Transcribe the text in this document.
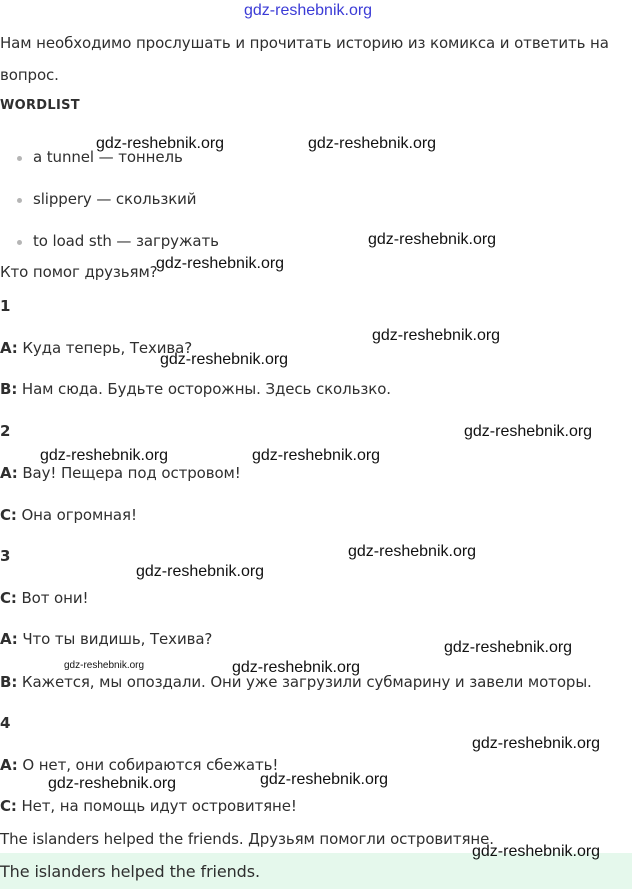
gdz-reshebnik.org
Нам необходимо прослушать и прочитать историю из комикса и ответить на
вопрос.
WORDLIST
a tunnel — тоннель
slippery — скользкий
to load sth — загружать
Кто помог друзьям?
1
A: Куда теперь, Техива?
B: Нам сюда. Будьте осторожны. Здесь скользко.
2
A: Вау! Пещера под островом!
C: Она огромная!
3
C: Вот они!
A: Что ты видишь, Техива?
B: Кажется, мы опоздали. Они уже загрузили субмарину и завели моторы.
4
A: О нет, они собираются сбежать!
C: Нет, на помощь идут островитяне!
The islanders helped the friends. Друзьям помогли островитяне.
The islanders helped the friends.
gdz-reshebnik.org	gdz-reshebnik.org
gdz-reshebnik.org
gdz-reshebnik.org
gdz-reshebnik.org
gdz-reshebnik.org
gdz-reshebnik.org
gdz-reshebnik.org	gdz-reshebnik.org
gdz-reshebnik.org
gdz-reshebnik.org
gdz-reshebnik.org
gdz-reshebnik.org	gdz-reshebnik.org
gdz-reshebnik.org
gdz-reshebnik.org	gdz-reshebnik.org
gdz-reshebnik.org
